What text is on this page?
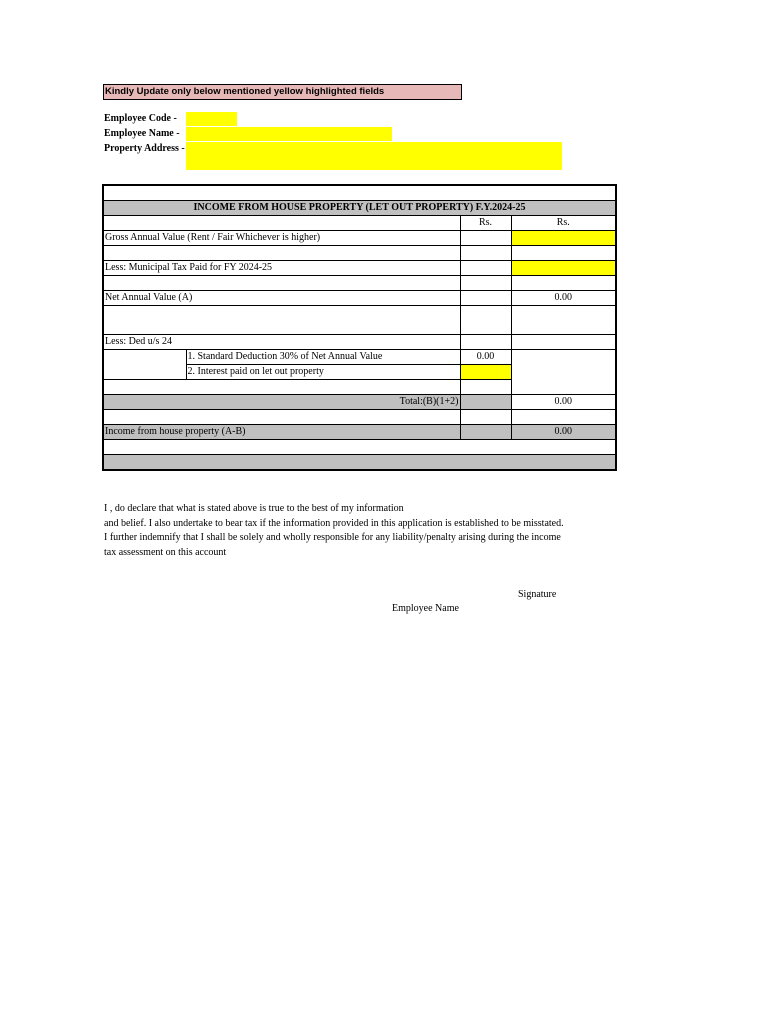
Kindly Update only below mentioned yellow highlighted fields
Employee Code -
Employee Name -
Property Address -

INCOME FROM HOUSE PROPERTY (LET OUT PROPERTY) F.Y.2024-25			
		Rs.	Rs.
Gross Annual Value (Rent / Fair Whichever is higher)			

Less: Municipal Tax Paid for FY 2024-25			

Net Annual Value (A)			0.00

Less: Ded u/s 24			
	1. Standard Deduction 30% of Net Annual Value	0.00	
	2. Interest paid on let out property		

Total:(B)(1+2)			0.00

Income from house property (A-B)			0.00

I , do declare that what is stated above is true to the best of my information
and belief. I also undertake to bear tax if the information provided in this application is established to be misstated.
I further indemnify that I shall be solely and wholly responsible for any liability/penalty arising during the income
tax assessment on this account
Signature
Employee Name
